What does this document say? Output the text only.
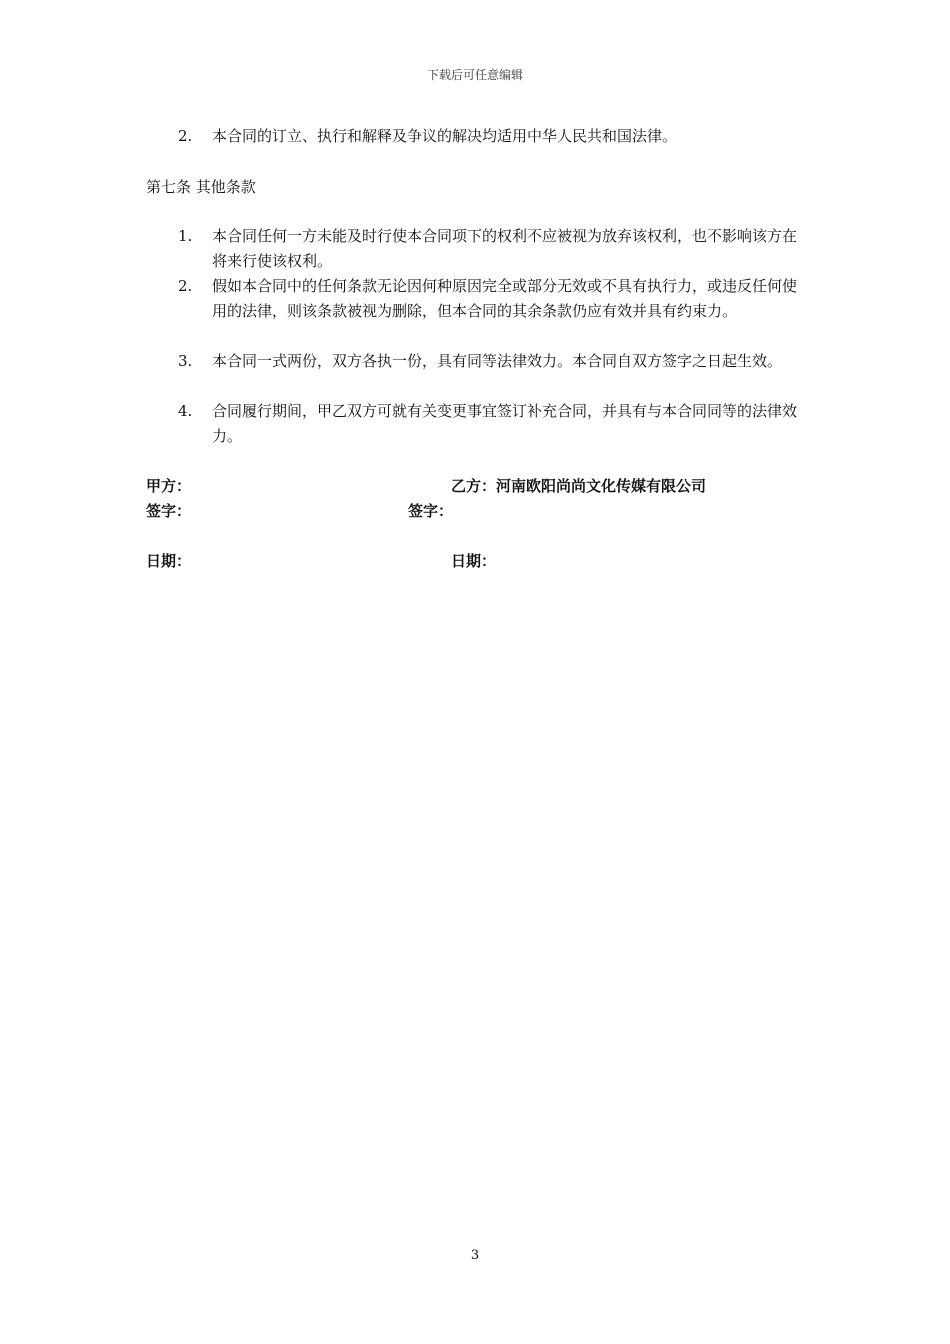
下载后可任意编辑
2.	本合同的订立、执行和解释及争议的解决均适用中华人民共和国法律。
第七条 其他条款
1.	本合同任何一方未能及时行使本合同项下的权利不应被视为放弃该权利，也不影响该方在将来行使该权利。
2.	假如本合同中的任何条款无论因何种原因完全或部分无效或不具有执行力，或违反任何使用的法律，则该条款被视为删除，但本合同的其余条款仍应有效并具有约束力。
3.	本合同一式两份，双方各执一份，具有同等法律效力。本合同自双方签字之日起生效。
4.	合同履行期间，甲乙双方可就有关变更事宜签订补充合同，并具有与本合同同等的法律效力。
甲方：	乙方：河南欧阳尚尚文化传媒有限公司
签字：	签字：
日期：	日期：
3
